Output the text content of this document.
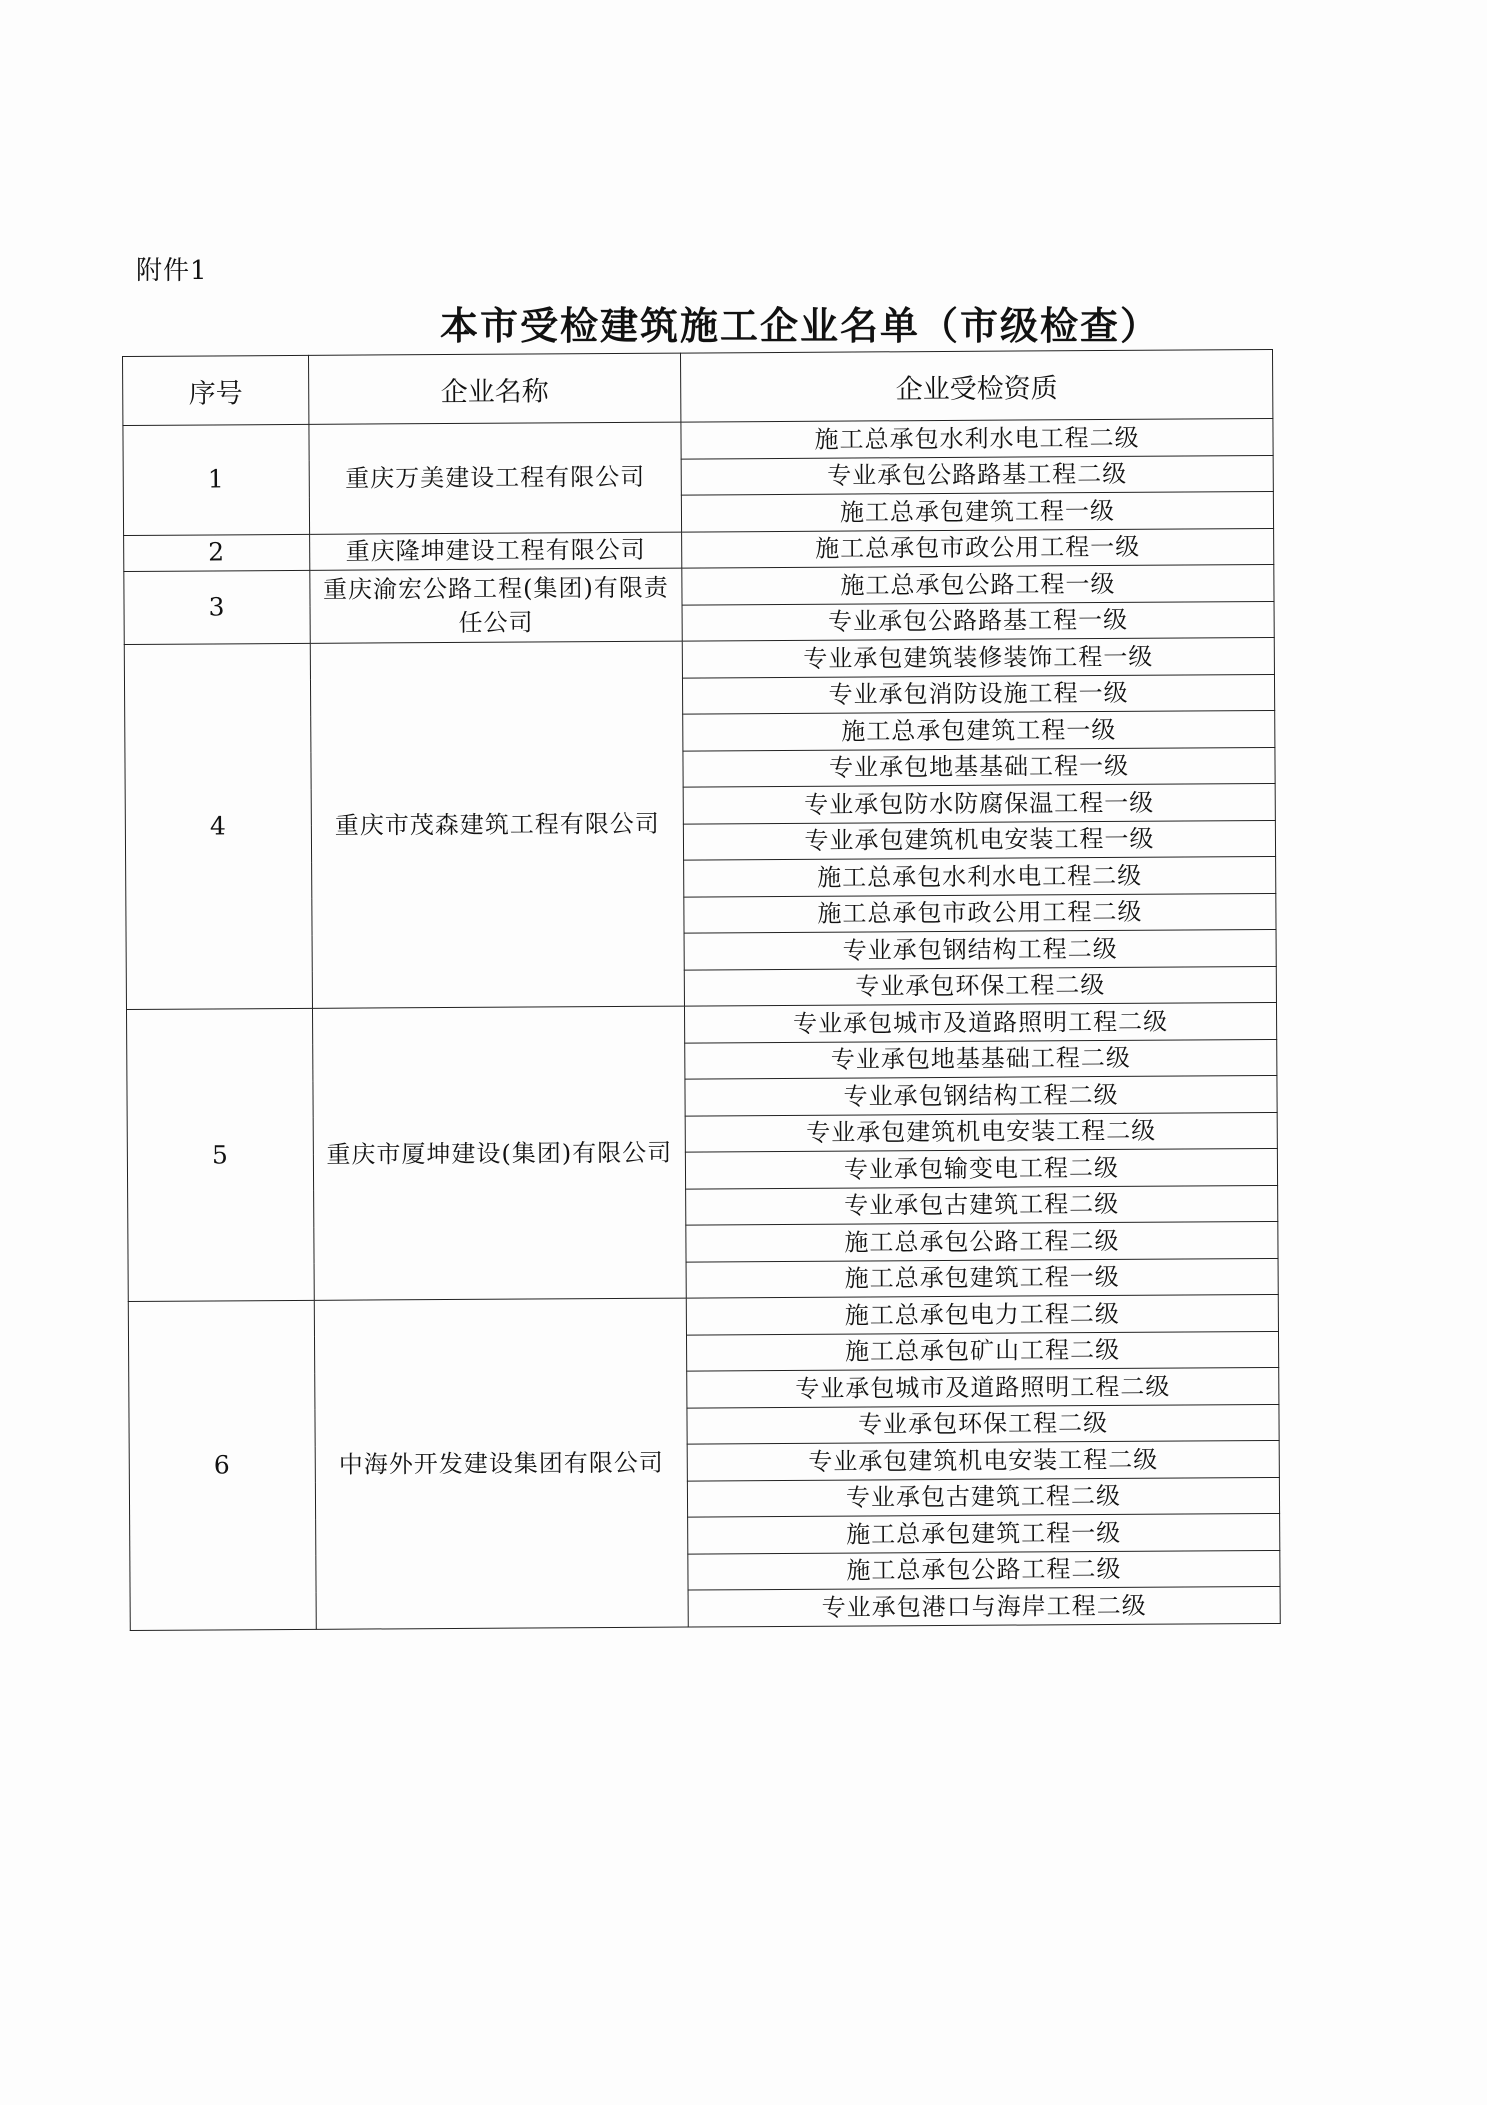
附件1
本市受检建筑施工企业名单（市级检查）
序号	企业名称	企业受检资质
1	重庆万美建设工程有限公司	施工总承包水利水电工程二级
		专业承包公路路基工程二级
		施工总承包建筑工程一级
2	重庆隆坤建设工程有限公司	施工总承包市政公用工程一级
3	重庆渝宏公路工程(集团)有限责任公司	施工总承包公路工程一级
		专业承包公路路基工程一级
4	重庆市茂森建筑工程有限公司	专业承包建筑装修装饰工程一级
		专业承包消防设施工程一级
		施工总承包建筑工程一级
		专业承包地基基础工程一级
		专业承包防水防腐保温工程一级
		专业承包建筑机电安装工程一级
		施工总承包水利水电工程二级
		施工总承包市政公用工程二级
		专业承包钢结构工程二级
		专业承包环保工程二级
5	重庆市厦坤建设(集团)有限公司	专业承包城市及道路照明工程二级
		专业承包地基基础工程二级
		专业承包钢结构工程二级
		专业承包建筑机电安装工程二级
		专业承包输变电工程二级
		专业承包古建筑工程二级
		施工总承包公路工程二级
		施工总承包建筑工程一级
6	中海外开发建设集团有限公司	施工总承包电力工程二级
		施工总承包矿山工程二级
		专业承包城市及道路照明工程二级
		专业承包环保工程二级
		专业承包建筑机电安装工程二级
		专业承包古建筑工程二级
		施工总承包建筑工程一级
		施工总承包公路工程二级
		专业承包港口与海岸工程二级
